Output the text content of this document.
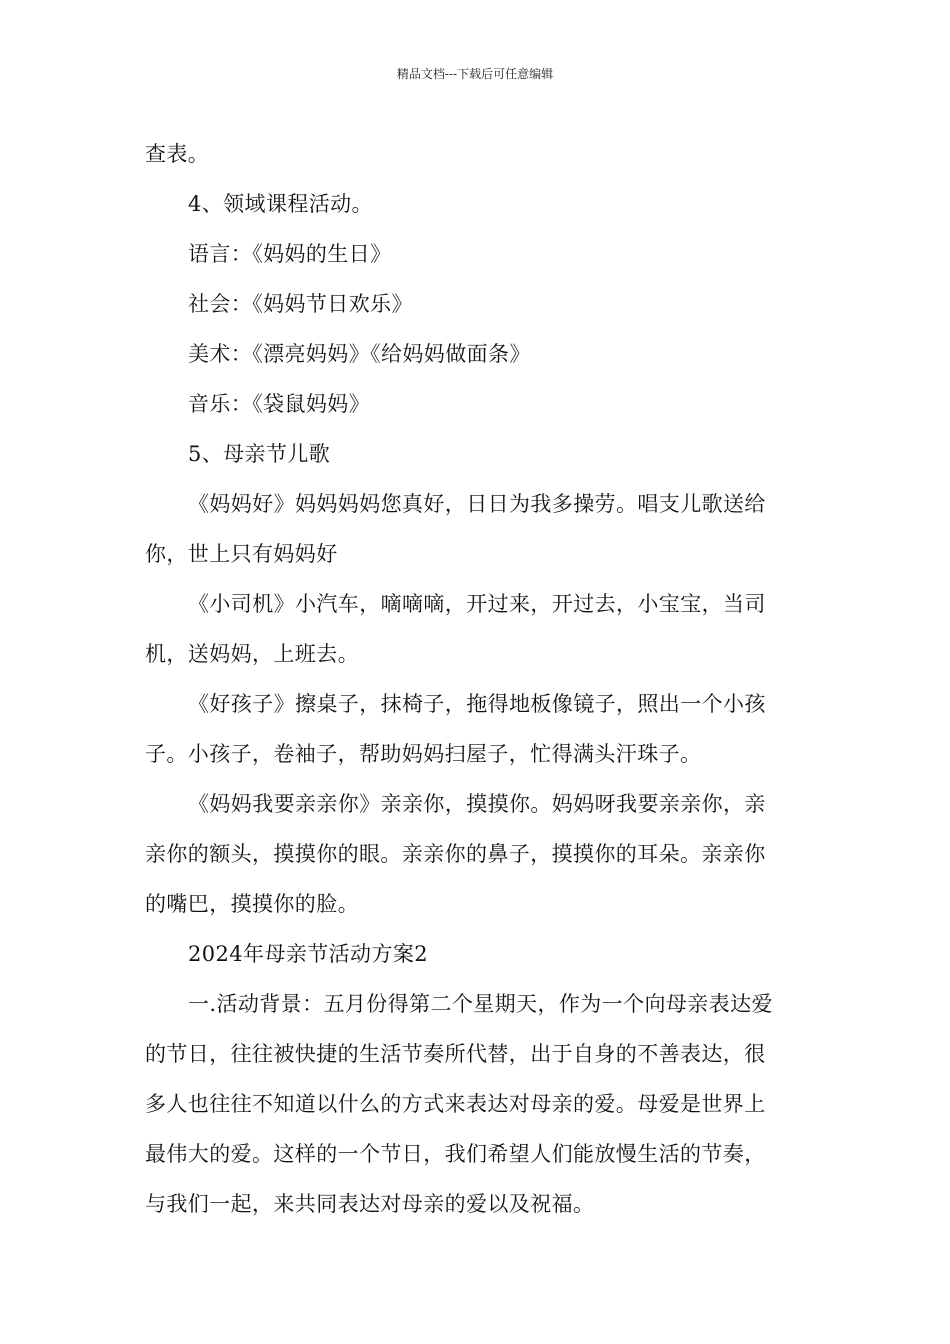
精品文档---下载后可任意编辑

查表。

4、领域课程活动。

语言：《妈妈的生日》

社会：《妈妈节日欢乐》

美术：《漂亮妈妈》《给妈妈做面条》

音乐：《袋鼠妈妈》

5、母亲节儿歌

《妈妈好》妈妈妈妈您真好，日日为我多操劳。唱支儿歌送给

你，世上只有妈妈好

《小司机》小汽车，嘀嘀嘀，开过来，开过去，小宝宝，当司

机，送妈妈，上班去。

《好孩子》擦桌子，抹椅子，拖得地板像镜子，照出一个小孩

子。小孩子，卷袖子，帮助妈妈扫屋子，忙得满头汗珠子。

《妈妈我要亲亲你》亲亲你，摸摸你。妈妈呀我要亲亲你，亲

亲你的额头，摸摸你的眼。亲亲你的鼻子，摸摸你的耳朵。亲亲你

的嘴巴，摸摸你的脸。

2024年母亲节活动方案2

一.活动背景：五月份得第二个星期天，作为一个向母亲表达爱

的节日，往往被快捷的生活节奏所代替，出于自身的不善表达，很

多人也往往不知道以什么的方式来表达对母亲的爱。母爱是世界上

最伟大的爱。这样的一个节日，我们希望人们能放慢生活的节奏，

与我们一起，来共同表达对母亲的爱以及祝福。
